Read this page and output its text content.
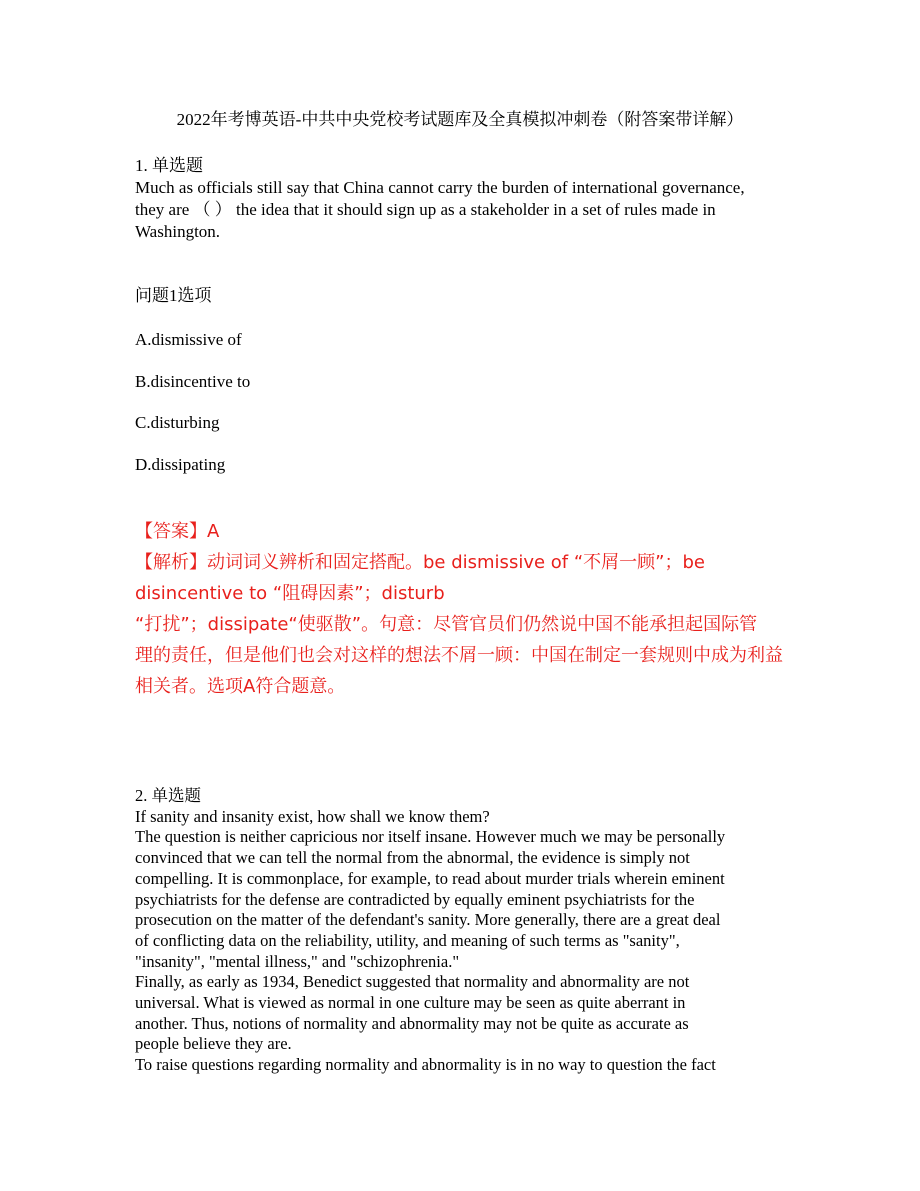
2022年考博英语-中共中央党校考试题库及全真模拟冲刺卷（附答案带详解）
1. 单选题
Much as officials still say that China cannot carry the burden of international governance,
they are （ ） the idea that it should sign up as a stakeholder in a set of rules made in
Washington.
问题1选项
A.dismissive of
B.disincentive to
C.disturbing
D.dissipating
【答案】A
【解析】动词词义辨析和固定搭配。be dismissive of “不屑一顾”；be
disincentive to “阻碍因素”；disturb
“打扰”；dissipate“使驱散”。句意：尽管官员们仍然说中国不能承担起国际管
理的责任，但是他们也会对这样的想法不屑一顾：中国在制定一套规则中成为利益
相关者。选项A符合题意。
2. 单选题
If sanity and insanity exist, how shall we know them?
The question is neither capricious nor itself insane. However much we may be personally
convinced that we can tell the normal from the abnormal, the evidence is simply not
compelling. It is commonplace, for example, to read about murder trials wherein eminent
psychiatrists for the defense are contradicted by equally eminent psychiatrists for the
prosecution on the matter of the defendant's sanity. More generally, there are a great deal
of conflicting data on the reliability, utility, and meaning of such terms as "sanity",
"insanity", "mental illness," and "schizophrenia."
Finally, as early as 1934, Benedict suggested that normality and abnormality are not
universal. What is viewed as normal in one culture may be seen as quite aberrant in
another. Thus, notions of normality and abnormality may not be quite as accurate as
people believe they are.
To raise questions regarding normality and abnormality is in no way to question the fact
